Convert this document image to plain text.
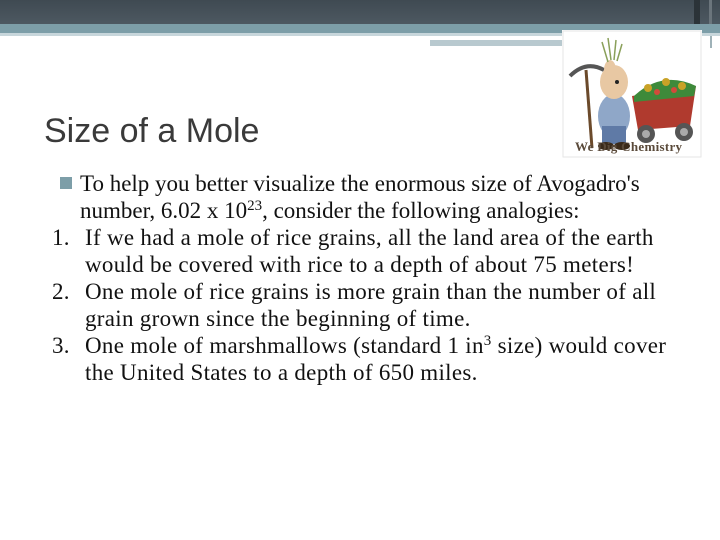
Size of a Mole	We Dig Chemistry
To help you better visualize the enormous size of Avogadro's number, 6.02 x $10^{23}$, consider the following analogies:
1. If we had a mole of rice grains, all the land area of the earth would be covered with rice to a depth of about 75 meters!
2. One mole of rice grains is more grain than the number of all grain grown since the beginning of time.
3. One mole of marshmallows (standard 1 $in^3$ size) would cover the United States to a depth of 650 miles.
